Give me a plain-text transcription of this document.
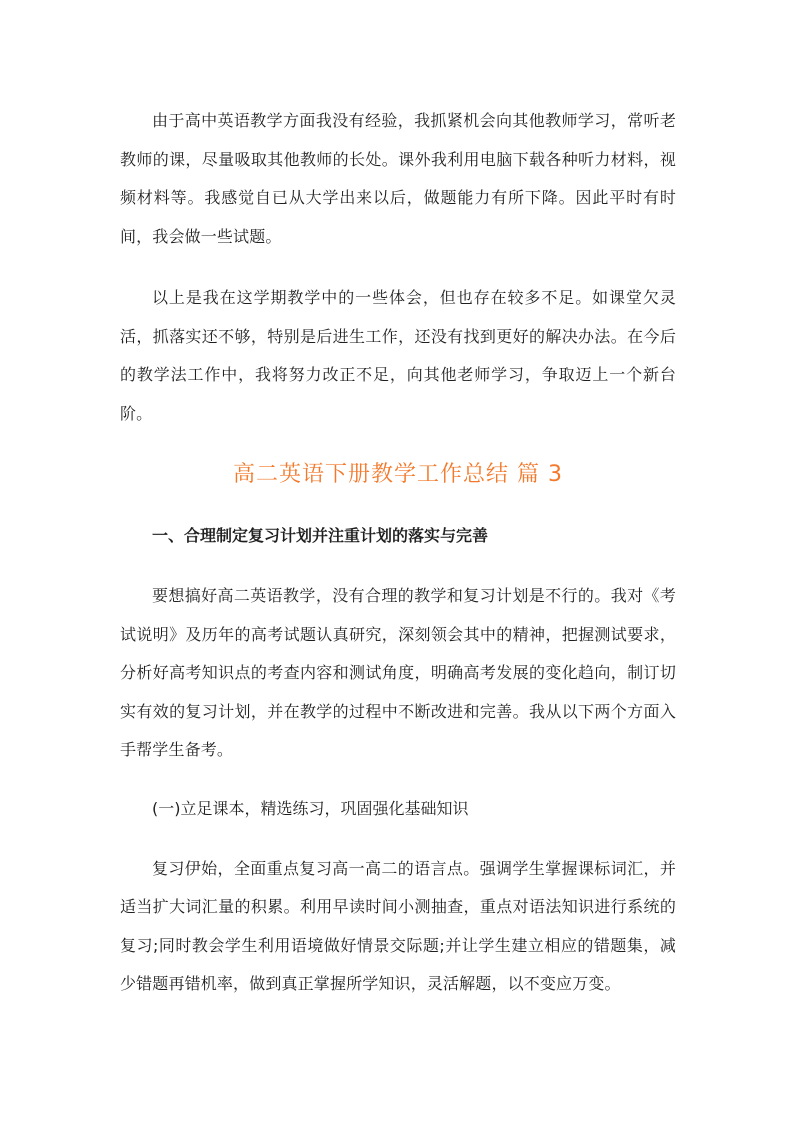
由于高中英语教学方面我没有经验，我抓紧机会向其他教师学习，常听老教师的课，尽量吸取其他教师的长处。课外我利用电脑下载各种听力材料，视频材料等。我感觉自已从大学出来以后，做题能力有所下降。因此平时有时间，我会做一些试题。

以上是我在这学期教学中的一些体会，但也存在较多不足。如课堂欠灵活，抓落实还不够，特别是后进生工作，还没有找到更好的解决办法。在今后的教学法工作中，我将努力改正不足，向其他老师学习，争取迈上一个新台阶。

高二英语下册教学工作总结 篇 3
一、合理制定复习计划并注重计划的落实与完善

要想搞好高二英语教学，没有合理的教学和复习计划是不行的。我对《考试说明》及历年的高考试题认真研究，深刻领会其中的精神，把握测试要求，分析好高考知识点的考查内容和测试角度，明确高考发展的变化趋向，制订切实有效的复习计划，并在教学的过程中不断改进和完善。我从以下两个方面入手帮学生备考。

(一)立足课本，精选练习，巩固强化基础知识

复习伊始，全面重点复习高一高二的语言点。强调学生掌握课标词汇，并适当扩大词汇量的积累。利用早读时间小测抽查，重点对语法知识进行系统的复习;同时教会学生利用语境做好情景交际题;并让学生建立相应的错题集，减少错题再错机率，做到真正掌握所学知识，灵活解题，以不变应万变。
